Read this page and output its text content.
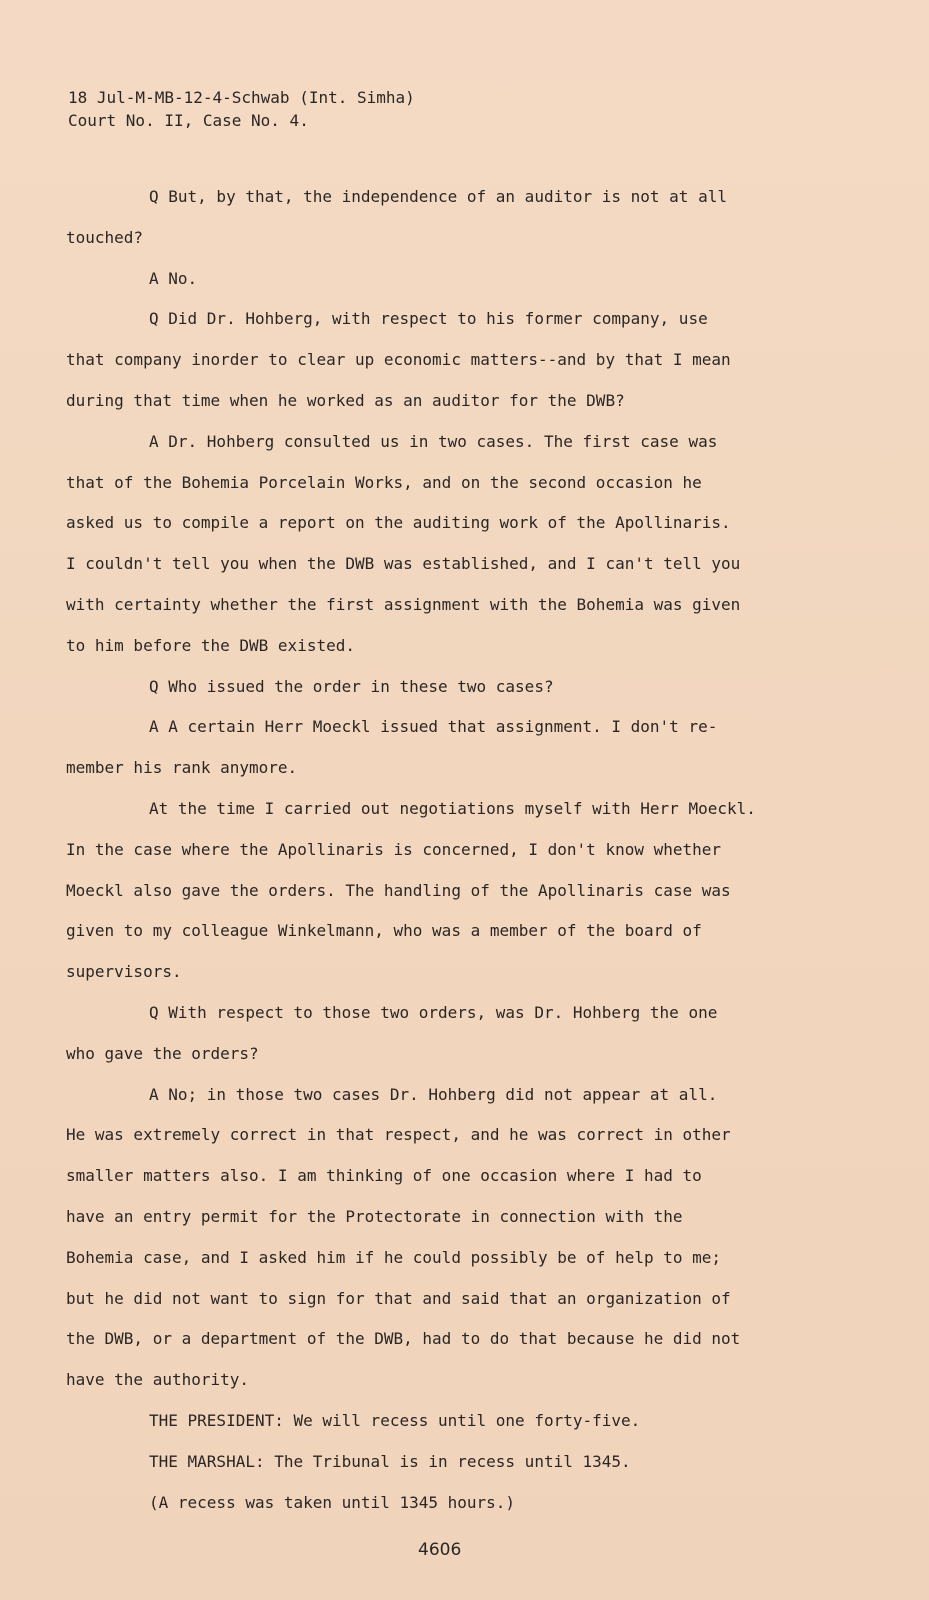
18 Jul-M-MB-12-4-Schwab (Int. Simha)
Court No. II, Case No. 4.

Q But, by that, the independence of an auditor is not at all

touched?

A No.

Q Did Dr. Hohberg, with respect to his former company, use

that company inorder to clear up economic matters--and by that I mean

during that time when he worked as an auditor for the DWB?

A Dr. Hohberg consulted us in two cases. The first case was

that of the Bohemia Porcelain Works, and on the second occasion he

asked us to compile a report on the auditing work of the Apollinaris.

I couldn't tell you when the DWB was established, and I can't tell you

with certainty whether the first assignment with the Bohemia was given

to him before the DWB existed.

Q Who issued the order in these two cases?

A A certain Herr Moeckl issued that assignment. I don't re-

member his rank anymore.

At the time I carried out negotiations myself with Herr Moeckl.

In the case where the Apollinaris is concerned, I don't know whether

Moeckl also gave the orders. The handling of the Apollinaris case was

given to my colleague Winkelmann, who was a member of the board of

supervisors.

Q With respect to those two orders, was Dr. Hohberg the one

who gave the orders?

A No; in those two cases Dr. Hohberg did not appear at all.

He was extremely correct in that respect, and he was correct in other

smaller matters also. I am thinking of one occasion where I had to

have an entry permit for the Protectorate in connection with the

Bohemia case, and I asked him if he could possibly be of help to me;

but he did not want to sign for that and said that an organization of

the DWB, or a department of the DWB, had to do that because he did not

have the authority.

THE PRESIDENT: We will recess until one forty-five.

THE MARSHAL: The Tribunal is in recess until 1345.

(A recess was taken until 1345 hours.)

4606
